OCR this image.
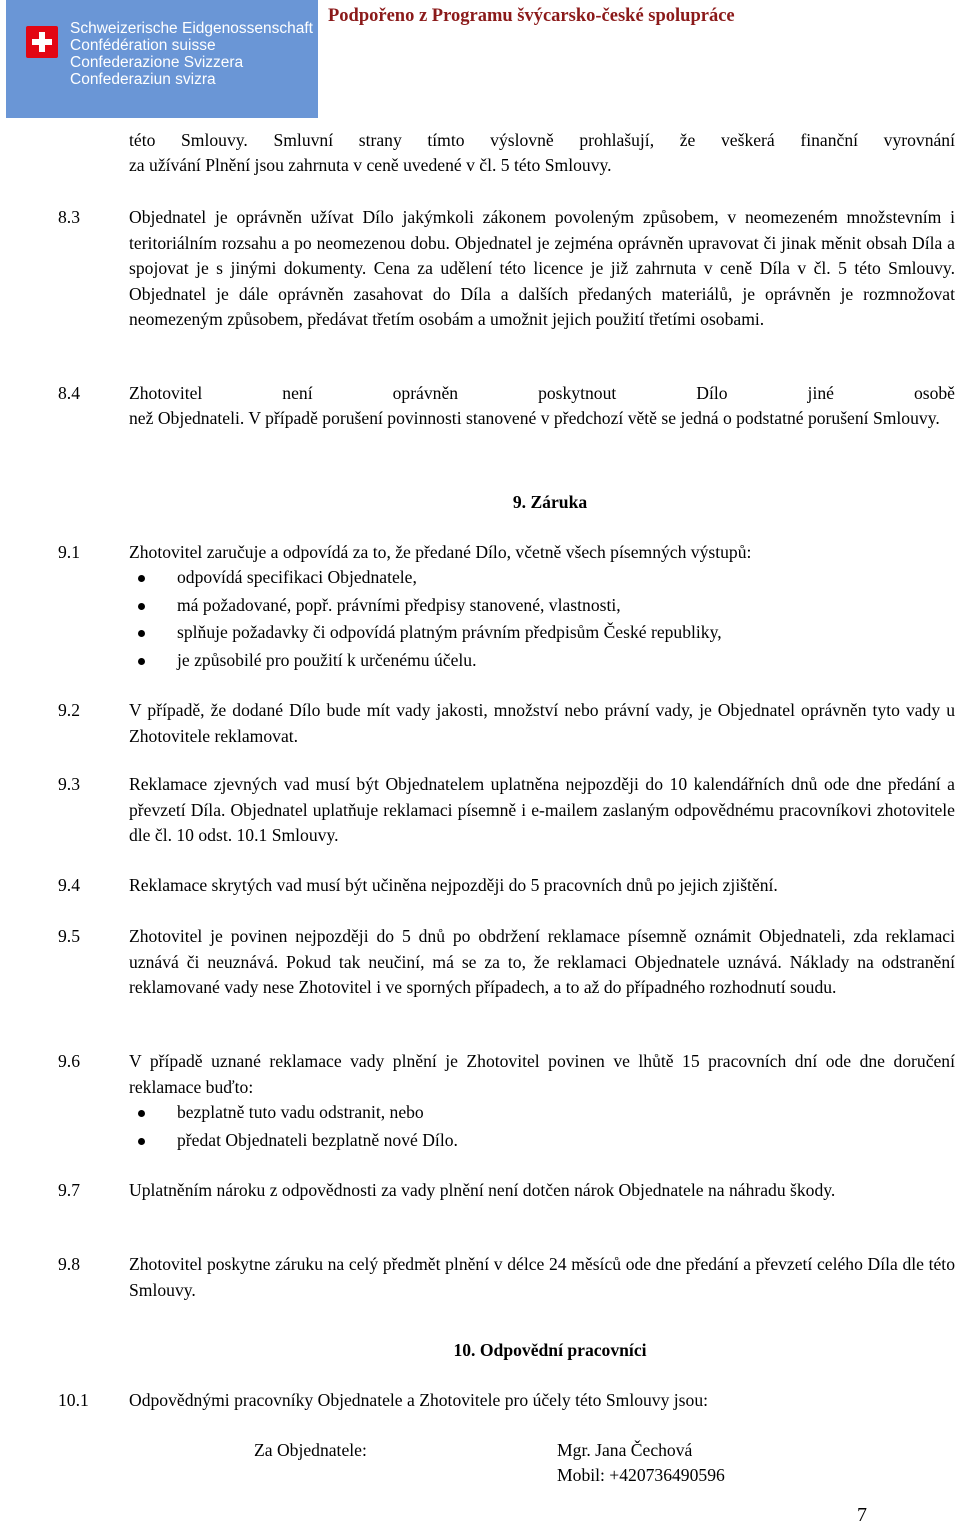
Schweizerische Eidgenossenschaft
Confédération suisse
Confederazione Svizzera
Confederaziun svizra
Podpořeno z Programu švýcarsko-české spolupráce
této Smlouvy. Smluvní strany tímto výslovně prohlašují, že veškerá finanční vyrovnání
za užívání Plnění jsou zahrnuta v ceně uvedené v čl. 5 této Smlouvy.
8.3	Objednatel je oprávněn užívat Dílo jakýmkoli zákonem povoleným způsobem, v neomezeném množstevním i teritoriálním rozsahu a po neomezenou dobu. Objednatel je zejména oprávněn upravovat či jinak měnit obsah Díla a spojovat je s jinými dokumenty. Cena za udělení této licence je již zahrnuta v ceně Díla v čl. 5 této Smlouvy. Objednatel je dále oprávněn zasahovat do Díla a dalších předaných materiálů, je oprávněn je rozmnožovat neomezeným způsobem, předávat třetím osobám a umožnit jejich použití třetími osobami.
8.4	Zhotovitel není oprávněn poskytnout Dílo jiné osobě
než Objednateli. V případě porušení povinnosti stanovené v předchozí větě se jedná o podstatné porušení Smlouvy.
9. Záruka
9.1	Zhotovitel zaručuje a odpovídá za to, že předané Dílo, včetně všech písemných výstupů:
odpovídá specifikaci Objednatele,
má požadované, popř. právními předpisy stanovené, vlastnosti,
splňuje požadavky či odpovídá platným právním předpisům České republiky,
je způsobilé pro použití k určenému účelu.
9.2	V případě, že dodané Dílo bude mít vady jakosti, množství nebo právní vady, je Objednatel oprávněn tyto vady u Zhotovitele reklamovat.
9.3	Reklamace zjevných vad musí být Objednatelem uplatněna nejpozději do 10 kalendářních dnů ode dne předání a převzetí Díla. Objednatel uplatňuje reklamaci písemně i e-mailem zaslaným odpovědnému pracovníkovi zhotovitele dle čl. 10 odst. 10.1 Smlouvy.
9.4	Reklamace skrytých vad musí být učiněna nejpozději do 5 pracovních dnů po jejich zjištění.
9.5	Zhotovitel je povinen nejpozději do 5 dnů po obdržení reklamace písemně oznámit Objednateli, zda reklamaci uznává či neuznává. Pokud tak neučiní, má se za to, že reklamaci Objednatele uznává. Náklady na odstranění reklamované vady nese Zhotovitel i ve sporných případech, a to až do případného rozhodnutí soudu.
9.6	V případě uznané reklamace vady plnění je Zhotovitel povinen ve lhůtě 15 pracovních dní ode dne doručení reklamace buďto:
bezplatně tuto vadu odstranit, nebo
předat Objednateli bezplatně nové Dílo.
9.7	Uplatněním nároku z odpovědnosti za vady plnění není dotčen nárok Objednatele na náhradu škody.
9.8	Zhotovitel poskytne záruku na celý předmět plnění v délce 24 měsíců ode dne předání a převzetí celého Díla dle této Smlouvy.
10. Odpovědní pracovníci
10.1 Odpovědnými pracovníky Objednatele a Zhotovitele pro účely této Smlouvy jsou:
Za Objednatele:	Mgr. Jana Čechová
Mobil: +420736490596
7
